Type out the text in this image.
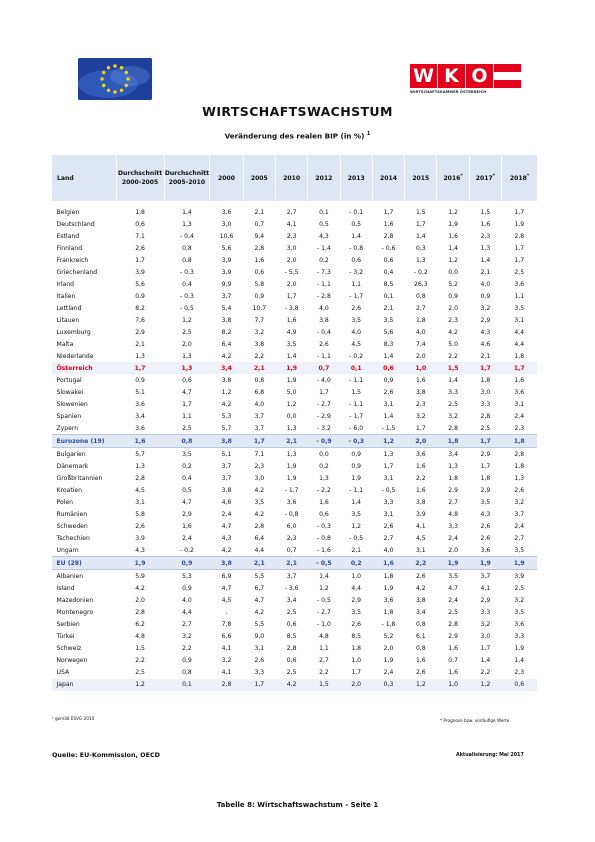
W K O
WIRTSCHAFTSKAMMER ÖSTERREICH
WIRTSCHAFTSWACHSTUM
Veränderung des realen BIP (in %) $^1$
Land	Durchschnitt 2000-2005	Durchschnitt 2005-2010	2000	2005	2010	2012	2013	2014	2015	2016*	2017*	2018*

Belgien	1,8	1,4	3,6	2,1	2,7	0,1	- 0,1	1,7	1,5	1,2	1,5	1,7
Deutschland	0,6	1,3	3,0	0,7	4,1	0,5	0,5	1,6	1,7	1,9	1,6	1,9
Estland	7,1	- 0,4	10,6	9,4	2,3	4,3	1,4	2,8	1,4	1,6	2,3	2,8
Finnland	2,6	0,8	5,6	2,8	3,0	- 1,4	- 0,8	- 0,6	0,3	1,4	1,3	1,7
Frankreich	1,7	0,8	3,9	1,6	2,0	0,2	0,6	0,6	1,3	1,2	1,4	1,7
Griechenland	3,9	- 0,3	3,9	0,6	- 5,5	- 7,3	- 3,2	0,4	- 0,2	0,0	2,1	2,5
Irland	5,6	0,4	9,9	5,8	2,0	- 1,1	1,1	8,5	26,3	5,2	4,0	3,6
Italien	0,9	- 0,3	3,7	0,9	1,7	- 2,8	- 1,7	0,1	0,8	0,9	0,9	1,1
Lettland	8,2	- 0,5	5,4	10,7	- 3,8	4,0	2,6	2,1	2,7	2,0	3,2	3,5
Litauen	7,6	1,2	3,8	7,7	1,6	3,8	3,5	3,5	1,8	2,3	2,9	3,1
Luxemburg	2,9	2,5	8,2	3,2	4,9	- 0,4	4,0	5,6	4,0	4,2	4,3	4,4
Malta	2,1	2,0	6,4	3,8	3,5	2,6	4,5	8,3	7,4	5,0	4,6	4,4
Niederlande	1,3	1,3	4,2	2,2	1,4	- 1,1	- 0,2	1,4	2,0	2,2	2,1	1,8
Österreich	1,7	1,3	3,4	2,1	1,9	0,7	0,1	0,6	1,0	1,5	1,7	1,7
Portugal	0,9	0,6	3,8	0,8	1,9	- 4,0	- 1,1	0,9	1,6	1,4	1,8	1,6
Slowakei	5,1	4,7	1,2	6,8	5,0	1,7	1,5	2,6	3,8	3,3	3,0	3,6
Slowenien	3,6	1,7	4,2	4,0	1,2	- 2,7	- 1,1	3,1	2,3	2,5	3,3	3,1
Spanien	3,4	1,1	5,3	3,7	0,0	- 2,9	- 1,7	1,4	3,2	3,2	2,8	2,4
Zypern	3,6	2,5	5,7	3,7	1,3	- 3,2	- 6,0	- 1,5	1,7	2,8	2,5	2,3
Eurozone (19)	1,6	0,8	3,8	1,7	2,1	- 0,9	- 0,3	1,2	2,0	1,8	1,7	1,8
Bulgarien	5,7	3,5	5,1	7,1	1,3	0,0	0,9	1,3	3,6	3,4	2,9	2,8
Dänemark	1,3	0,2	3,7	2,3	1,9	0,2	0,9	1,7	1,6	1,3	1,7	1,8
Großbritannien	2,8	0,4	3,7	3,0	1,9	1,3	1,9	3,1	2,2	1,8	1,8	1,3
Kroatien	4,5	0,5	3,8	4,2	- 1,7	- 2,2	- 1,1	- 0,5	1,6	2,9	2,9	2,6
Polen	3,1	4,7	4,6	3,5	3,6	1,6	1,4	3,3	3,8	2,7	3,5	3,2
Rumänien	5,8	2,9	2,4	4,2	- 0,8	0,6	3,5	3,1	3,9	4,8	4,3	3,7
Schweden	2,6	1,6	4,7	2,8	6,0	- 0,3	1,2	2,6	4,1	3,3	2,6	2,4
Tschechien	3,9	2,4	4,3	6,4	2,3	- 0,8	- 0,5	2,7	4,5	2,4	2,6	2,7
Ungarn	4,3	- 0,2	4,2	4,4	0,7	- 1,6	2,1	4,0	3,1	2,0	3,6	3,5
EU (28)	1,9	0,9	3,8	2,1	2,1	- 0,5	0,2	1,6	2,2	1,9	1,9	1,9
Albanien	5,9	5,3	6,9	5,5	3,7	1,4	1,0	1,8	2,6	3,5	3,7	3,9
Island	4,2	0,9	4,7	6,7	- 3,6	1,2	4,4	1,9	4,2	4,7	4,1	2,5
Mazedonien	2,0	4,0	4,5	4,7	3,4	- 0,5	2,9	3,6	3,8	2,4	2,9	3,2
Montenegro	2,8	4,4	.	4,2	2,5	- 2,7	3,5	1,8	3,4	2,5	3,3	3,5
Serbien	6,2	2,7	7,8	5,5	0,6	- 1,0	2,6	- 1,8	0,8	2,8	3,2	3,6
Türkei	4,8	3,2	6,6	9,0	8,5	4,8	8,5	5,2	6,1	2,9	3,0	3,3
Schweiz	1,5	2,2	4,1	3,1	2,8	1,1	1,8	2,0	0,8	1,6	1,7	1,9
Norwegen	2,2	0,9	3,2	2,6	0,6	2,7	1,0	1,9	1,6	0,7	1,4	1,4
USA	2,5	0,8	4,1	3,3	2,5	2,2	1,7	2,4	2,6	1,6	2,2	2,3
Japan	1,2	0,1	2,8	1,7	4,2	1,5	2,0	0,3	1,2	1,0	1,2	0,6
¹ gemäß ESVG 2010	* Prognose bzw. vorläufige Werte
Quelle: EU-Kommission, OECD	Aktualisierung: Mai 2017
Tabelle 8: Wirtschaftswachstum - Seite 1
